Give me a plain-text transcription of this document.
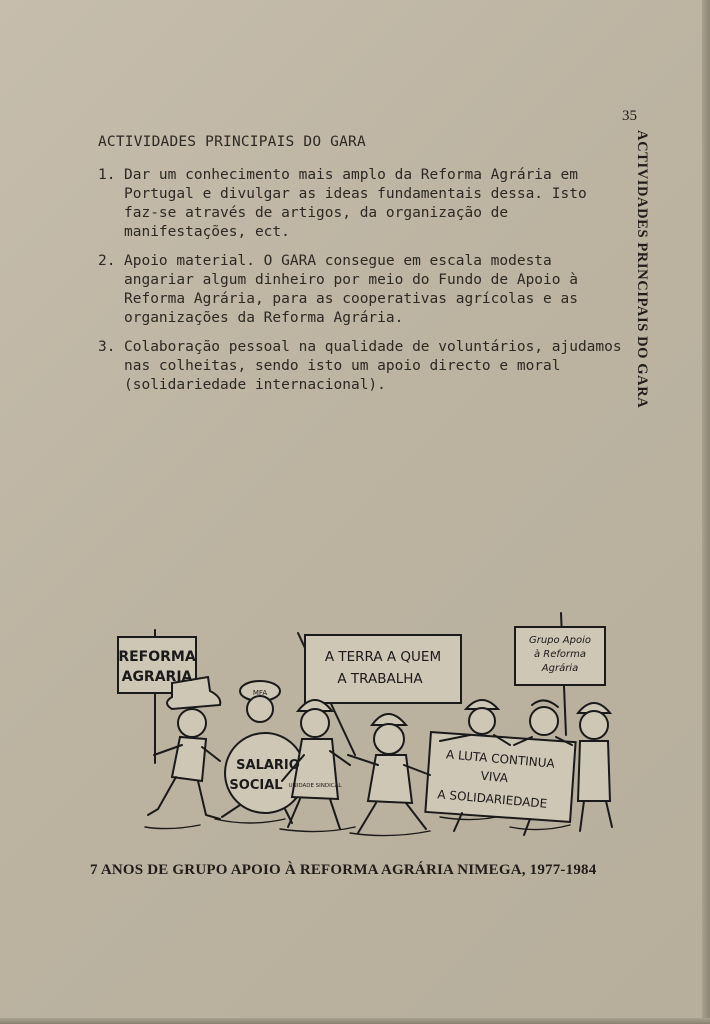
35
ACTIVIDADES PRINCIPAIS DO GARA
ACTIVIDADES PRINCIPAIS DO GARA
1. Dar um conhecimento mais amplo da Reforma Agrária em Portugal e divulgar as ideas fundamentais dessa. Isto faz-se através de artigos, da organização de manifestações, ect.
2. Apoio material. O GARA consegue em escala modesta angariar algum dinheiro por meio do Fundo de Apoio à Reforma Agrária, para as cooperativas agrícolas e as organizações da Reforma Agrária.
3. Colaboração pessoal na qualidade de voluntários, ajudamos nas colheitas, sendo isto um apoio directo e moral (solidariedade internacional).
REFORMA
AGRARIA
A TERRA A QUEM
A TRABALHA
Grupo Apoio
à Reforma
Agrária
A LUTA CONTINUA
VIVA
A SOLIDARIEDADE
SALARIO
SOCIAL
MFA
UNIDADE SINDICAL
7 ANOS DE GRUPO APOIO À REFORMA AGRÁRIA NIMEGA, 1977-1984
